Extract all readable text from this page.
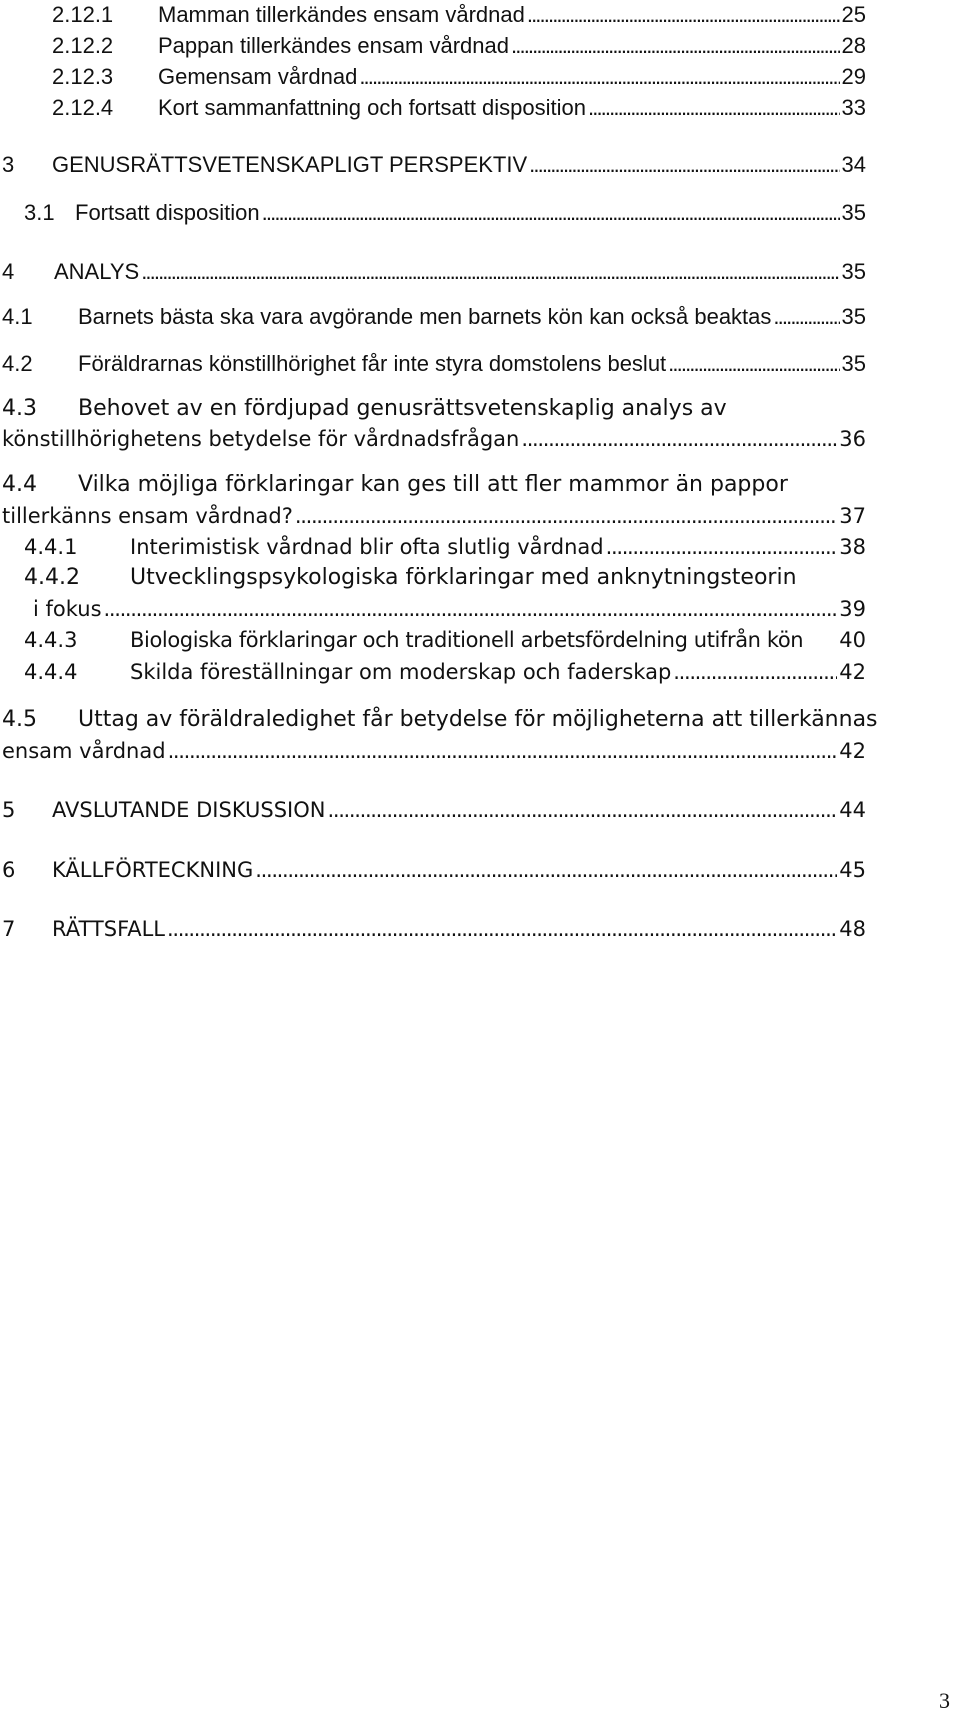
2.12.1	Mamman tillerkändes ensam vårdnad . . .	25
2.12.2	Pappan tillerkändes ensam vårdnad . . .	28
2.12.3	Gemensam vårdnad . . .	29
2.12.4	Kort sammanfattning och fortsatt disposition . . .	33
3	GENUSRÄTTSVETENSKAPLIGT PERSPEKTIV . . .	34
3.1 Fortsatt disposition . . .	35
4	ANALYS . . .	35
4.1	Barnets bästa ska vara avgörande men barnets kön kan också beaktas . . .	35
4.2	Föräldrarnas könstillhörighet får inte styra domstolens beslut . . .	35
4.3 Behovet av en fördjupad genusrättsvetenskaplig analys av
könstillhörighetens betydelse för vårdnadsfrågan . . .	36
4.4 Vilka möjliga förklaringar kan ges till att fler mammor än pappor
tillerkänns ensam vårdnad? . . .	37
4.4.1	Interimistisk vårdnad blir ofta slutlig vårdnad . . .	38
4.4.2 Utvecklingspsykologiska förklaringar med anknytningsteorin
i fokus . . .	39
4.4.3	Biologiska förklaringar och traditionell arbetsfördelning utifrån kön 40
4.4.4	Skilda föreställningar om moderskap och faderskap . . .	42
4.5 Uttag av föräldraledighet får betydelse för möjligheterna att tillerkännas
ensam vårdnad . . .	42
5	AVSLUTANDE DISKUSSION . . .	44
6	KÄLLFÖRTECKNING . . .	45
7	RÄTTSFALL . . .	48
3
